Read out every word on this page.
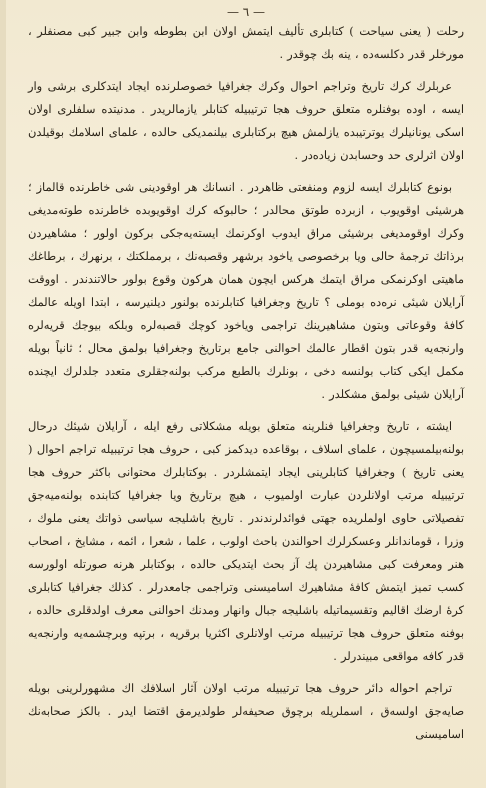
— ٦ —

رحلت ( يعنى سياحت ) كتابلرى تأليف ايتمش اولان ابن بطوطه وابن جبير كبى مصنفلر ، مورخلر قدر دكلسه‌ده ، ينه بك چوقدر .

عربلرك كرك تاريخ وتراجم احوال وكرك جغرافيا خصوصلرنده ايجاد ايتدكلرى برشى وار ايسه ، اوده بوفنلره متعلق حروف هجا ترتيبيله كتابلر يازمالريدر . مدنيتده سلفلرى اولان اسكى يونانيلرك يوترتيبده يازلمش هيچ بركتابلرى بيلنمديكى حالده ، علماى اسلامك بوقيلدن اولان اثرلرى حد وحسابدن زياده‌در .

بونوع كتابلرك ايسه لزوم ومنفعتى ظاهردر . انسانك هر اوقودينى شى خاطرنده قالماز ؛ هرشيئى اوقويوب ، ازبرده طوتق محالدر ؛ حالبوكه كرك اوقويوبده خاطرنده طوته‌مديغى وكرك اوقومديغى برشيئى مراق ايدوب اوكرنمك ايسته‌يه‌جكى بركون اولور ؛ مشاهيردن برذاتك ترجمهٔ حالى ويا برخصوصى ياخود برشهر وقصبه‌نك ، برمملكتك ، برنهرك ، برطاغك ماهيتى اوكرنمكى مراق ايتمك هركس ايچون همان هركون وقوع بولور حالاتندندر . اووقت آرايلان شيئى نره‌ده بوملى ؟ تاريخ وجغرافيا كتابلرنده بولنور ديلنيرسه ، ابتدا اويله عالمك كافهٔ وقوعاتى وبتون مشاهيرينك تراجمى وياخود كوچك قصبه‌لره وبلكه بيوجك قريه‌لره وارنجه‌يه قدر بتون اقطار عالمك احوالنى جامع برتاريخ وجغرافيا بولمق محال ؛ ثانياً بويله مكمل ايكى كتاب بولنسه دخى ، بونلرك بالطبع مركب بولنه‌جقلرى متعدد جلدلرك ايچنده آرايلان شيئى بولمق مشكلدر .

ايشته ، تاريخ وجغرافيا فنلرينه متعلق بويله مشكلاتى رفع ايله ، آرايلان شيئك درحال بولنه‌بيلمسيچون ، علماى اسلاف ، بوقاعده ديدكمز كبى ، حروف هجا ترتيبيله تراجم احوال ( يعنى تاريخ ) وجغرافيا كتابلرينى ايجاد ايتمشلردر . بوكتابلرك محتوانى باكثر حروف هجا ترتيبيله مرتب اولانلردن عبارت اولميوب ، هيچ برتاريخ ويا جغرافيا كتابنده بولنه‌ميه‌جق تفصيلاتى حاوى اولملريده جهتى فوائدلرندندر . تاريخ باشليجه سياسى ذواتك يعنى ملوك ، وزرا ، قوماندانلر وعسكرلرك احوالندن باحث اولوب ، علما ، شعرا ، ائمه ، مشايخ ، اصحاب هنر ومعرفت كبى مشاهيردن پك آز بحث ايتديكى حالده ، بوكتابلر هرنه صورتله اولورسه كسب تميز ايتمش كافهٔ مشاهيرك اساميسنى وتراجمى جامعدرلر . كذلك جغرافيا كتابلرى كرهٔ ارضك اقاليم وتقسيماتيله باشليجه جبال وانهار ومدنك احوالنى معرف اولدقلرى حالده ، بوفنه متعلق حروف هجا ترتيبيله مرتب اولانلرى اكثريا برقريه ، برتپه وبرچشمه‌يه وارنجه‌يه قدر كافه مواقعى مبيندرلر .

تراجم احواله دائر حروف هجا ترتيبيله مرتب اولان آثار اسلافك اك مشهورلرينى بويله صايه‌جق اولسه‌ق ، اسملريله برچوق صحيفه‌لر طولديرمق اقتضا ايدر . بالكز صحابه‌نك اساميسنى
